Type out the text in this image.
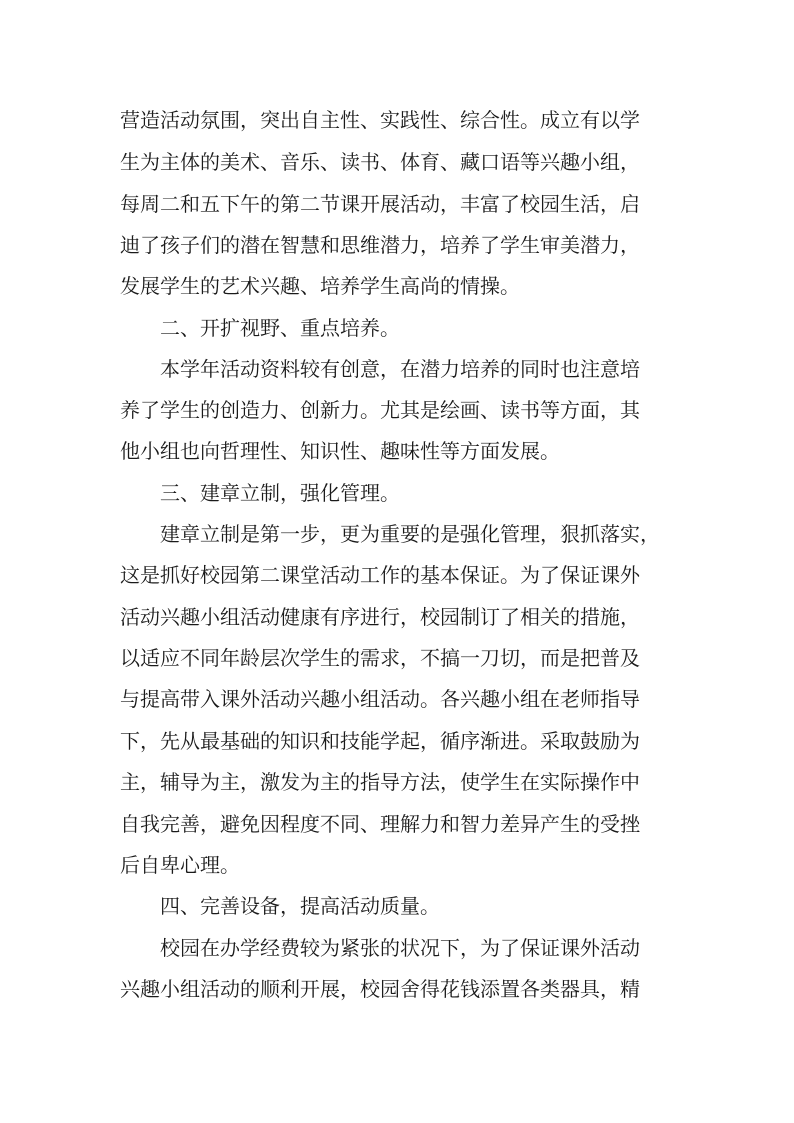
营造活动氛围，突出自主性、实践性、综合性。成立有以学
生为主体的美术、音乐、读书、体育、藏口语等兴趣小组，
每周二和五下午的第二节课开展活动，丰富了校园生活，启
迪了孩子们的潜在智慧和思维潜力，培养了学生审美潜力，
发展学生的艺术兴趣、培养学生高尚的情操。
二、开扩视野、重点培养。
本学年活动资料较有创意，在潜力培养的同时也注意培
养了学生的创造力、创新力。尤其是绘画、读书等方面，其
他小组也向哲理性、知识性、趣味性等方面发展。
三、建章立制，强化管理。
建章立制是第一步，更为重要的是强化管理，狠抓落实，
这是抓好校园第二课堂活动工作的基本保证。为了保证课外
活动兴趣小组活动健康有序进行，校园制订了相关的措施，
以适应不同年龄层次学生的需求，不搞一刀切，而是把普及
与提高带入课外活动兴趣小组活动。各兴趣小组在老师指导
下，先从最基础的知识和技能学起，循序渐进。采取鼓励为
主，辅导为主，激发为主的指导方法，使学生在实际操作中
自我完善，避免因程度不同、理解力和智力差异产生的受挫
后自卑心理。
四、完善设备，提高活动质量。
校园在办学经费较为紧张的状况下，为了保证课外活动
兴趣小组活动的顺利开展，校园舍得花钱添置各类器具，精
